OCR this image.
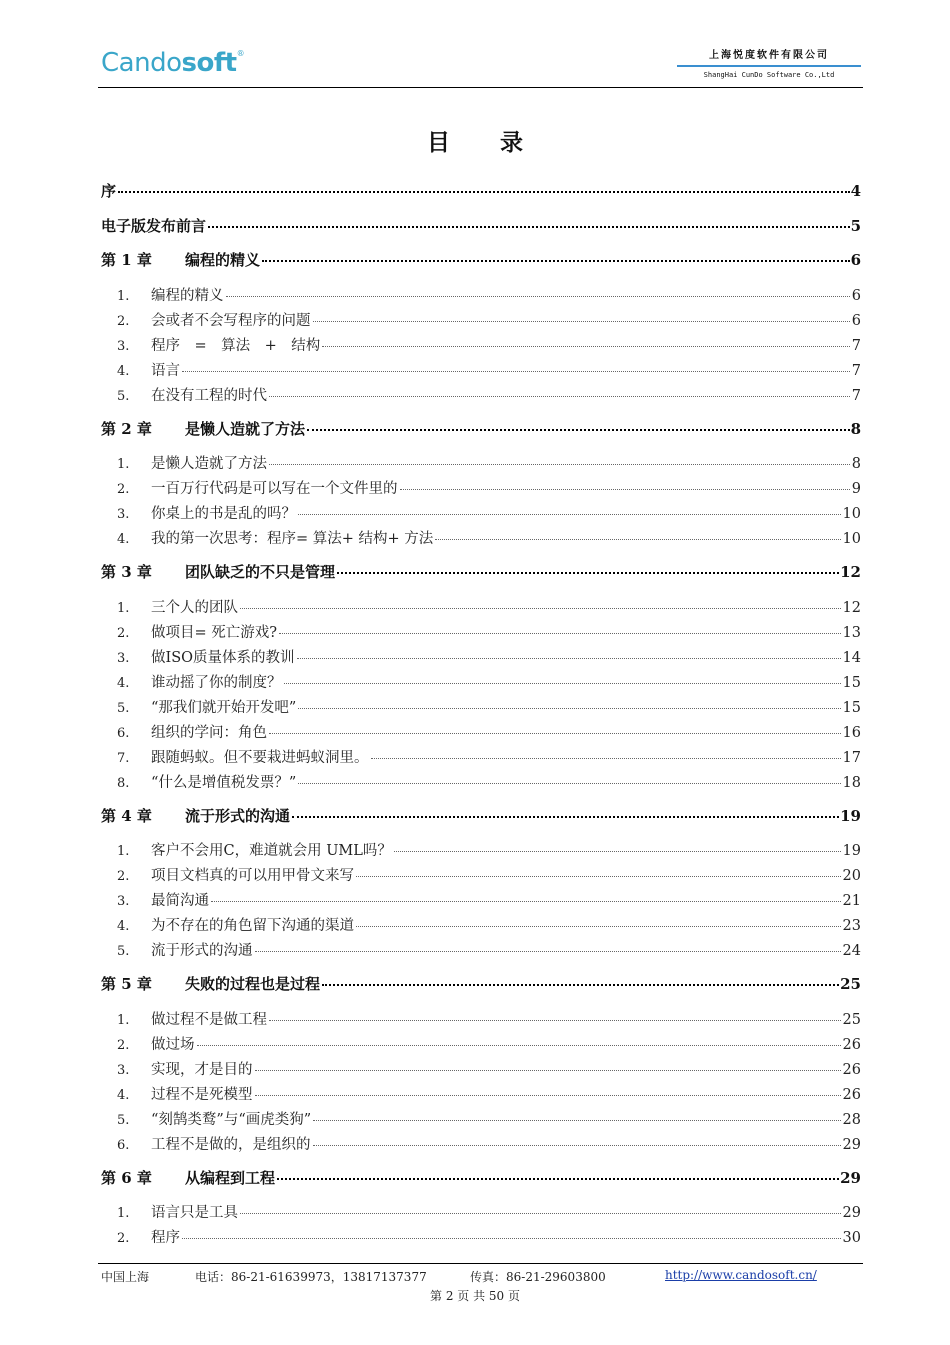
Candosoft®	上海悦度软件有限公司
ShangHai CunDo Software Co.,Ltd
目 录
序	4
电子版发布前言	5
第 1 章	编程的精义	6
1.	编程的精义	6
2.	会或者不会写程序的问题	6
3.	程序　=　算法　+　结构	7
4.	语言	7
5.	在没有工程的时代	7
第 2 章	是懒人造就了方法	8
1.	是懒人造就了方法	8
2.	一百万行代码是可以写在一个文件里的	9
3.	你桌上的书是乱的吗？	10
4.	我的第一次思考：程序= 算法+ 结构+ 方法	10
第 3 章	团队缺乏的不只是管理	12
1.	三个人的团队	12
2.	做项目= 死亡游戏?	13
3.	做ISO质量体系的教训	14
4.	谁动摇了你的制度？	15
5.	“那我们就开始开发吧”	15
6.	组织的学问：角色	16
7.	跟随蚂蚁。但不要栽进蚂蚁洞里。	17
8.	“什么是增值税发票？”	18
第 4 章	流于形式的沟通	19
1.	客户不会用C，难道就会用 UML吗？	19
2.	项目文档真的可以用甲骨文来写	20
3.	最简沟通	21
4.	为不存在的角色留下沟通的渠道	23
5.	流于形式的沟通	24
第 5 章	失败的过程也是过程	25
1.	做过程不是做工程	25
2.	做过场	26
3.	实现，才是目的	26
4.	过程不是死模型	26
5.	“刻鹄类鹜”与“画虎类狗”	28
6.	工程不是做的，是组织的	29
第 6 章	从编程到工程	29
1.	语言只是工具	29
2.	程序	30
中国上海	电话：86-21-61639973，13817137377	传真：86-21-29603800	http://www.candosoft.cn/
第 2 页 共 50 页
